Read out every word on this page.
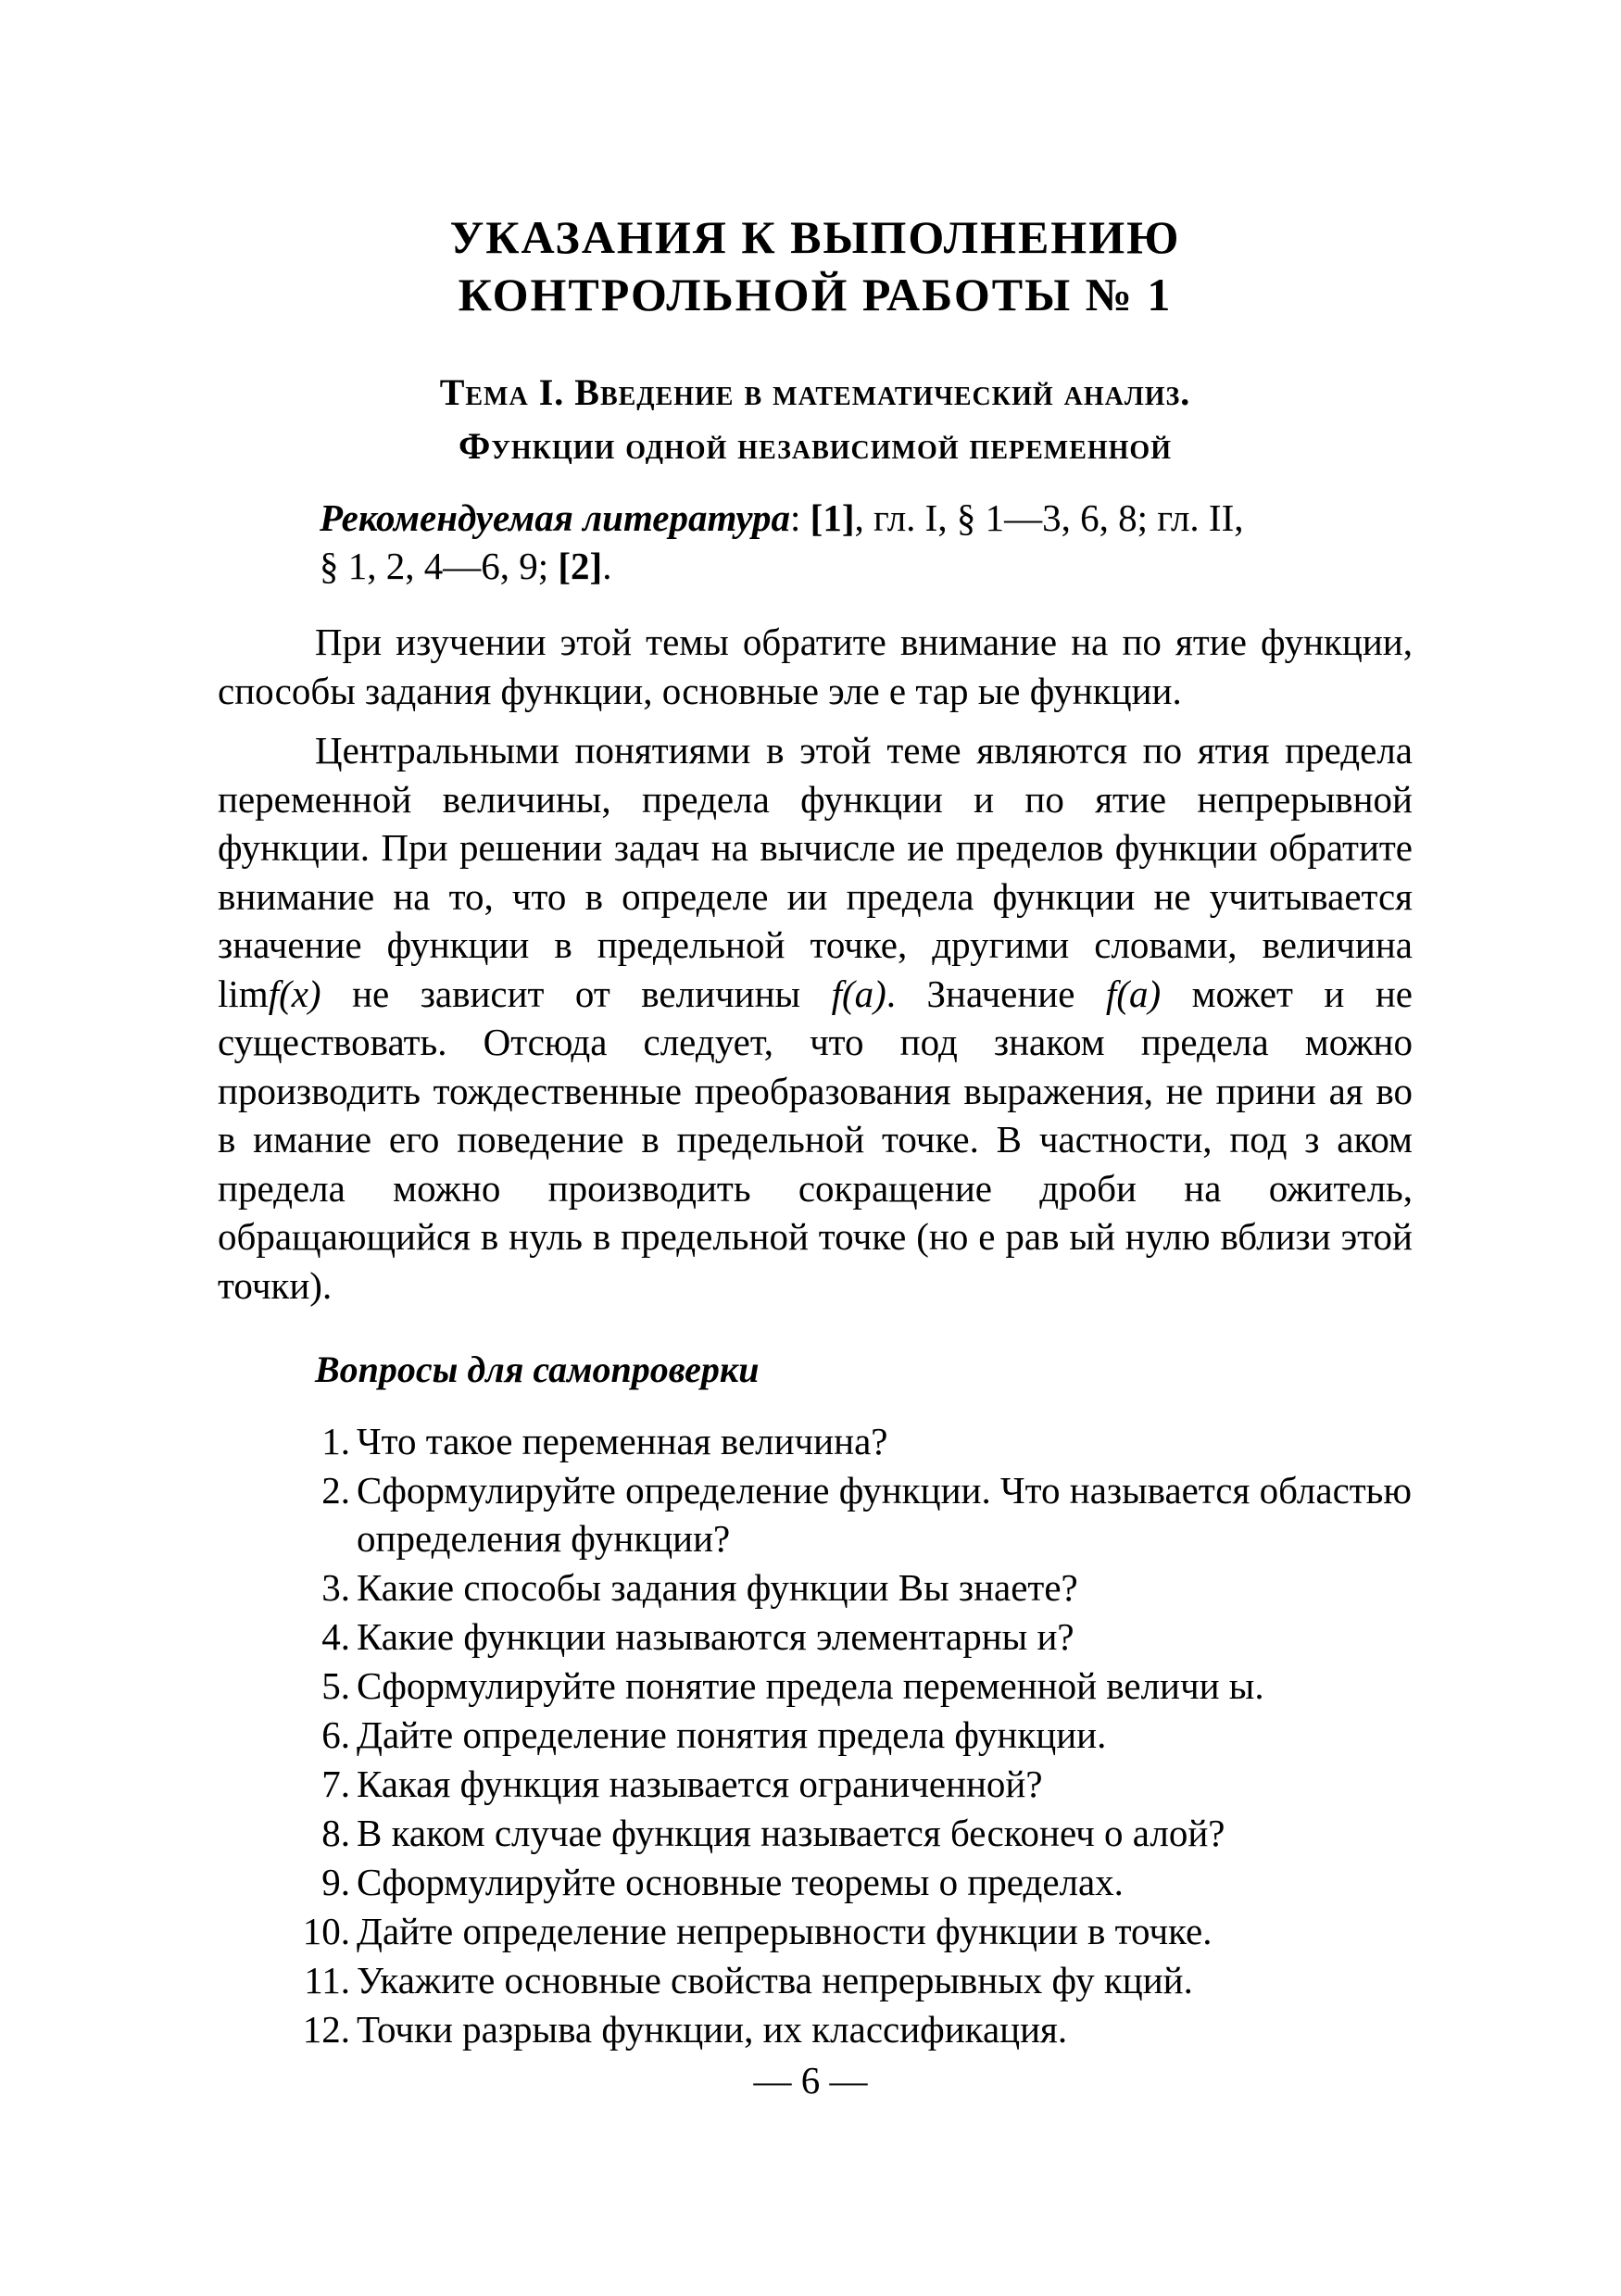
УКАЗАНИЯ К ВЫПОЛНЕНИЮ
КОНТРОЛЬНОЙ РАБОТЫ № 1
Тема I. Введение в математический анализ.
Функции одной независимой переменной
Рекомендуемая литература: [1], гл. I, § 1—3, 6, 8; гл. II,
§ 1, 2, 4—6, 9; [2].

При изучении этой темы обратите внимание на по ятие функции, способы задания функции, основные эле е тар ые функции.

Центральными понятиями в этой теме являются по ятия предела переменной величины, предела функции и по ятие непрерывной функции. При решении задач на вычисле ие пределов функции обратите внимание на то, что в определе ии предела функции не учитывается значение функции в предельной точке, другими словами, величина limf(x) не зависит от величины f(a). Значение f(a) может и не существовать. Отсюда следует, что под знаком предела можно производить тождественные преобразования выражения, не прини ая во в имание его поведение в предельной точке. В частности, под з аком предела можно производить сокращение дроби на ожитель, обращающийся в нуль в предельной точке (но е рав ый нулю вблизи этой точки).

Вопросы для самопроверки
1. Что такое переменная величина?
2. Сформулируйте определение функции. Что называется областью определения функции?
3. Какие способы задания функции Вы знаете?
4. Какие функции называются элементарны и?
5. Сформулируйте понятие предела переменной величи ы.
6. Дайте определение понятия предела функции.
7. Какая функция называется ограниченной?
8. В каком случае функция называется бесконеч о алой?
9. Сформулируйте основные теоремы о пределах.
10. Дайте определение непрерывности функции в точке.
11. Укажите основные свойства непрерывных фу кций.
12. Точки разрыва функции, их классификация.
— 6 —
